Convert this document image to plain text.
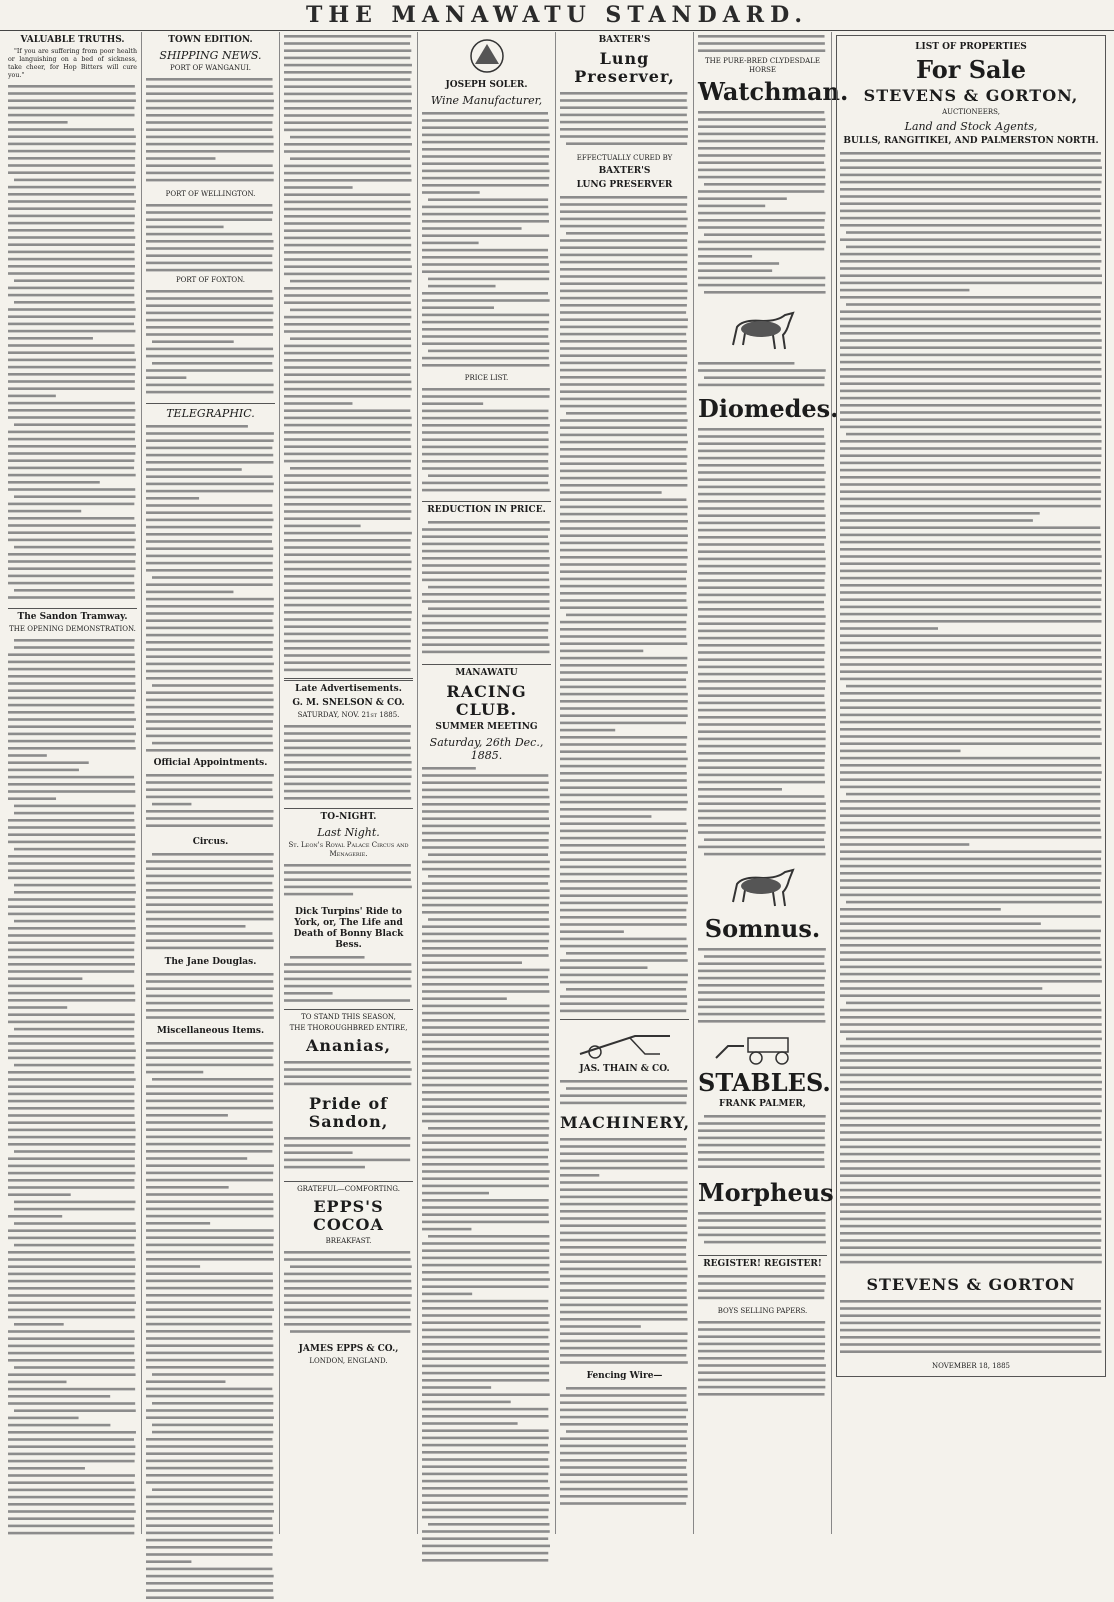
THE MANAWATU STANDARD.
VALUABLE TRUTHS.

"If you are suffering from poor health or languishing on a bed of sickness, take cheer, for Hop Bitters will cure you."

The Sandon Tramway.
THE OPENING DEMONSTRATION.
TOWN EDITION.
SHIPPING NEWS.
PORT OF WANGANUI.
PORT OF WELLINGTON.
PORT OF FOXTON.
TELEGRAPHIC.
Official Appointments.
Circus.
The Jane Douglas.
Miscellaneous Items.
Late Advertisements.
G. M. SNELSON & CO.
SATURDAY, NOV. 21st 1885.
TO-NIGHT.
Last Night.
St. Leon's Royal Palace Circus and Menagerie.
Dick Turpins' Ride to York, or, The Life and Death of Bonny Black Bess.
TO STAND THIS SEASON,
THE THOROUGHBRED ENTIRE,
Ananias,
Pride of Sandon,
GRATEFUL—COMFORTING.
EPPS'S COCOA
BREAKFAST.
JAMES EPPS & CO.,
LONDON, ENGLAND.
JOSEPH SOLER.
Wine Manufacturer,
PRICE LIST.
REDUCTION IN PRICE.
MANAWATU
RACING CLUB.
SUMMER MEETING
Saturday, 26th Dec., 1885.
BAXTER'S
Lung Preserver,
EFFECTUALLY CURED BY
BAXTER'S
LUNG PRESERVER
JAS. THAIN & CO.
MACHINERY,
Fencing Wire—
THE PURE-BRED CLYDESDALE HORSE
Watchman.
Diomedes.
Somnus.
STABLES.
FRANK PALMER,
Morpheus
REGISTER! REGISTER!
BOYS SELLING PAPERS.
LIST OF PROPERTIES
For Sale
STEVENS & GORTON,
AUCTIONEERS,
Land and Stock Agents,
BULLS, RANGITIKEI, AND PALMERSTON NORTH.
STEVENS & GORTON
NOVEMBER 18, 1885
